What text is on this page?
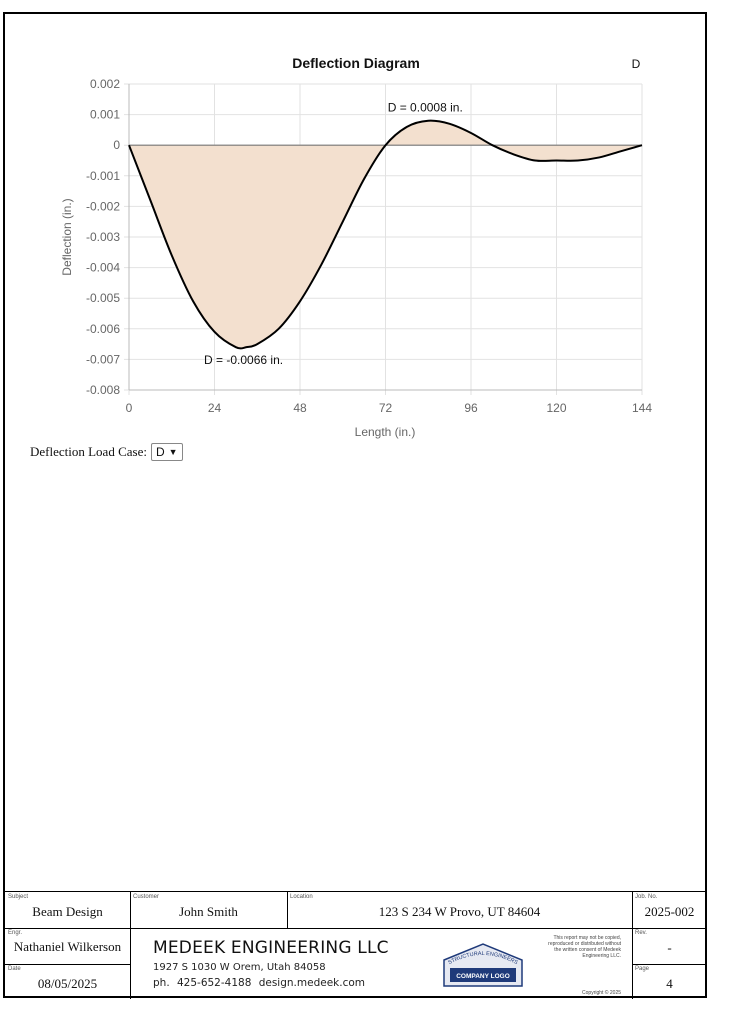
Deflection Diagram	D
0.002
0.001
0
-0.001
-0.002
-0.003
-0.004
-0.005
-0.006
-0.007
-0.008
0	24	48	72	96	120	144
D = 0.0008 in.
D = -0.0066 in.
Length (in.)
Deflection (in.)
Deflection Load Case: D ▼
Subject
Beam Design
Customer
John Smith
Location
123 S 234 W Provo, UT 84604
Job. No.
2025-002
Engr.
Nathaniel Wilkerson
Date
08/05/2025
Rev.
-
Page
4
MEDEEK ENGINEERING LLC
1927 S 1030 W Orem, Utah 84058
ph. 425-652-4188 design.medeek.com
STRUCTURAL ENGINEERS
COMPANY LOGO
This report may not be copied, reproduced or distributed without the written consent of Medeek Engineering LLC.
Copyright © 2025
